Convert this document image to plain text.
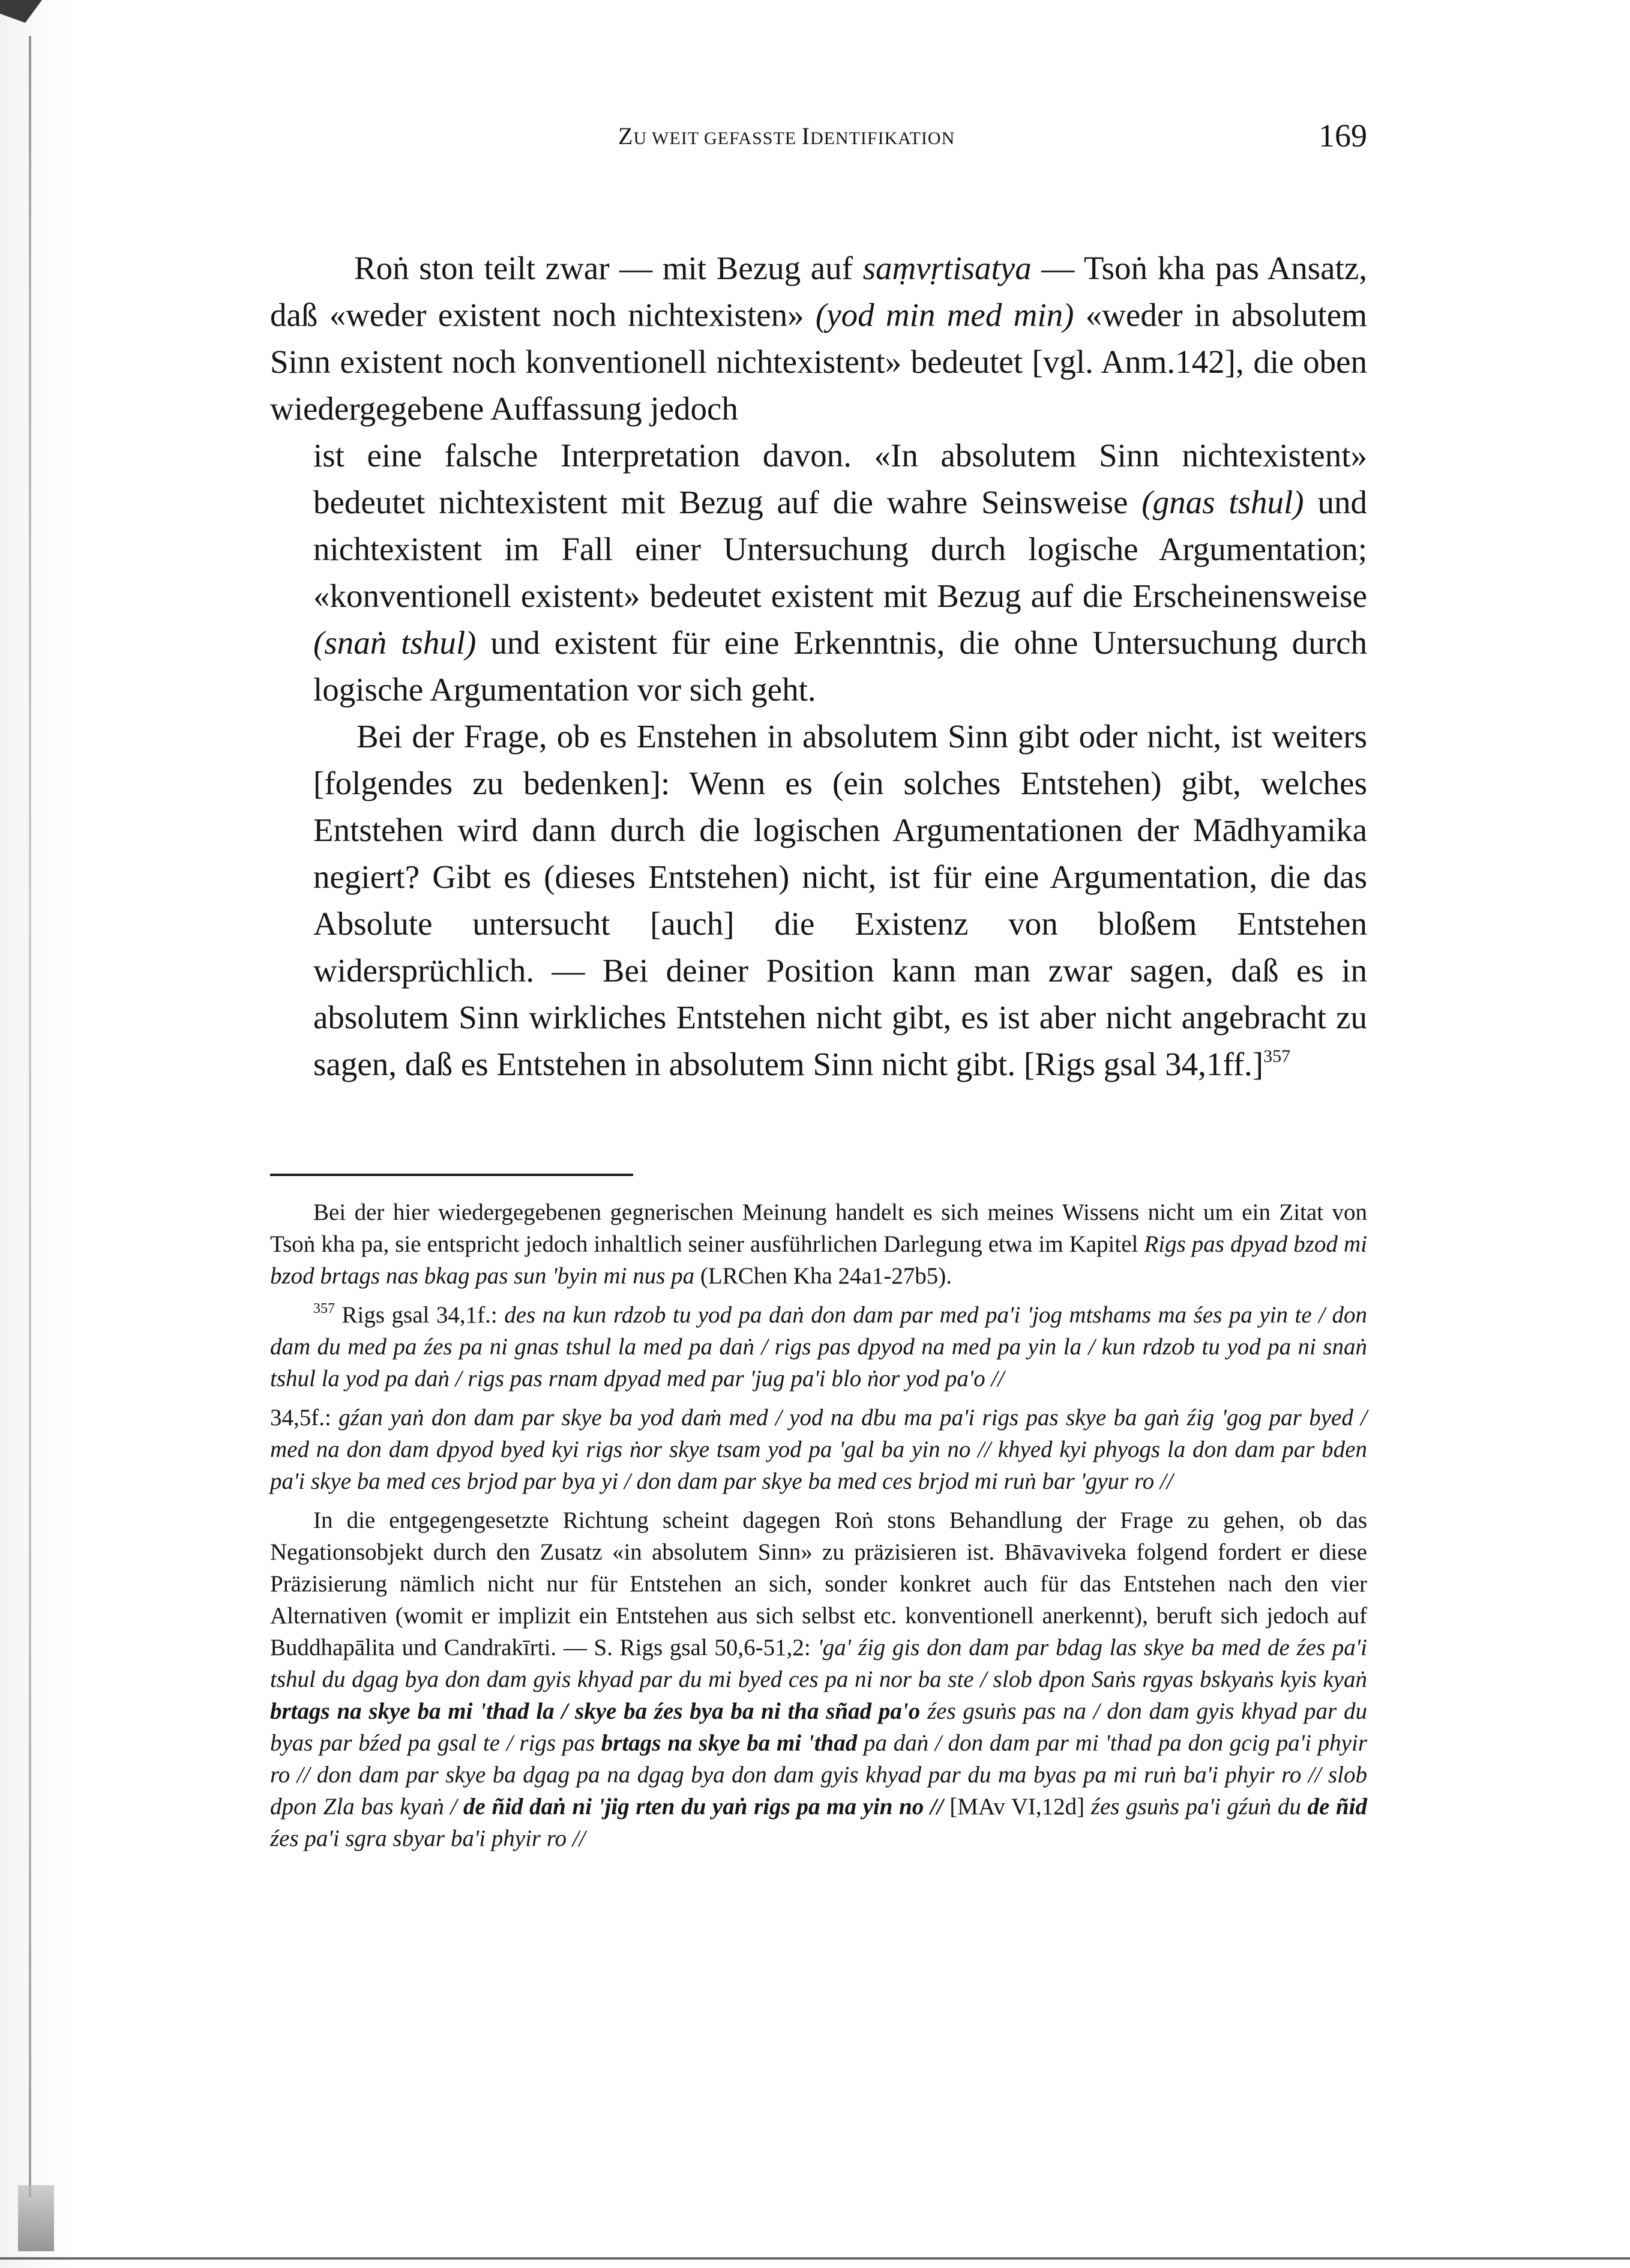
ZU WEIT GEFASSTE IDENTIFIKATION	169

Roṅ ston teilt zwar — mit Bezug auf saṃvṛtisatya — Tsoṅ kha pas Ansatz, daß «weder existent noch nichtexisten» (yod min med min) «weder in absolutem Sinn existent noch konventionell nichtexistent» bedeutet [vgl. Anm.142], die oben wiedergegebene Auffassung jedoch

ist eine falsche Interpretation davon. «In absolutem Sinn nichtexistent» bedeutet nichtexistent mit Bezug auf die wahre Seinsweise (gnas tshul) und nichtexistent im Fall einer Untersuchung durch logische Argumentation; «konventionell existent» bedeutet existent mit Bezug auf die Erscheinensweise (snaṅ tshul) und existent für eine Erkenntnis, die ohne Untersuchung durch logische Argumentation vor sich geht.

Bei der Frage, ob es Enstehen in absolutem Sinn gibt oder nicht, ist weiters [folgendes zu bedenken]: Wenn es (ein solches Entstehen) gibt, welches Entstehen wird dann durch die logischen Argumentationen der Mādhyamika negiert? Gibt es (dieses Entstehen) nicht, ist für eine Argumentation, die das Absolute untersucht [auch] die Existenz von bloßem Entstehen widersprüchlich. — Bei deiner Position kann man zwar sagen, daß es in absolutem Sinn wirkliches Entstehen nicht gibt, es ist aber nicht angebracht zu sagen, daß es Entstehen in absolutem Sinn nicht gibt. [Rigs gsal 34,1ff.]$^{357}$

Bei der hier wiedergegebenen gegnerischen Meinung handelt es sich meines Wissens nicht um ein Zitat von Tsoṅ kha pa, sie entspricht jedoch inhaltlich seiner ausführlichen Darlegung etwa im Kapitel Rigs pas dpyad bzod mi bzod brtags nas bkag pas sun 'byin mi nus pa (LRChen Kha 24a1-27b5).

$^{357}$ Rigs gsal 34,1f.: des na kun rdzob tu yod pa daṅ don dam par med pa'i 'jog mtshams ma śes pa yin te / don dam du med pa źes pa ni gnas tshul la med pa daṅ / rigs pas dpyod na med pa yin la / kun rdzob tu yod pa ni snaṅ tshul la yod pa daṅ / rigs pas rnam dpyad med par 'jug pa'i blo ṅor yod pa'o //

34,5f.: gźan yaṅ don dam par skye ba yod daṁ med / yod na dbu ma pa'i rigs pas skye ba gaṅ źig 'gog par byed / med na don dam dpyod byed kyi rigs ṅor skye tsam yod pa 'gal ba yin no // khyed kyi phyogs la don dam par bden pa'i skye ba med ces brjod par bya yi / don dam par skye ba med ces brjod mi ruṅ bar 'gyur ro //

In die entgegengesetzte Richtung scheint dagegen Roṅ stons Behandlung der Frage zu gehen, ob das Negationsobjekt durch den Zusatz «in absolutem Sinn» zu präzisieren ist. Bhāvaviveka folgend fordert er diese Präzisierung nämlich nicht nur für Entstehen an sich, sonder konkret auch für das Entstehen nach den vier Alternativen (womit er implizit ein Entstehen aus sich selbst etc. konventionell anerkennt), beruft sich jedoch auf Buddhapālita und Candrakīrti. — S. Rigs gsal 50,6-51,2: 'ga' źig gis don dam par bdag las skye ba med de źes pa'i tshul du dgag bya don dam gyis khyad par du mi byed ces pa ni nor ba ste / slob dpon Saṅs rgyas bskyaṅs kyis kyaṅ brtags na skye ba mi 'thad la / skye ba źes bya ba ni tha sñad pa'o źes gsuṅs pas na / don dam gyis khyad par du byas par bźed pa gsal te / rigs pas brtags na skye ba mi 'thad pa daṅ / don dam par mi 'thad pa don gcig pa'i phyir ro // don dam par skye ba dgag pa na dgag bya don dam gyis khyad par du ma byas pa mi ruṅ ba'i phyir ro // slob dpon Zla bas kyaṅ / de ñid daṅ ni 'jig rten du yaṅ rigs pa ma yin no // [MAv VI,12d] źes gsuṅs pa'i gźuṅ du de ñid źes pa'i sgra sbyar ba'i phyir ro //
